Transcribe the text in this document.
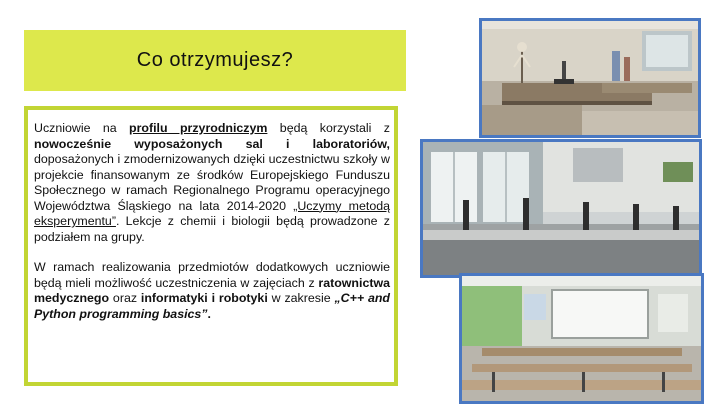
Co otrzymujesz?

Uczniowie na profilu przyrodniczym będą korzystali z nowocześnie wyposażonych sal i laboratoriów, doposażonych i zmodernizowanych dzięki uczestnictwu szkoły w projekcie finansowanym ze środków Europejskiego Funduszu Społecznego w ramach Regionalnego Programu operacyjnego Województwa Śląskiego na lata 2014-2020 „Uczymy metodą eksperymentu”. Lekcje z chemii i biologii będą prowadzone z podziałem na grupy.

W ramach realizowania przedmiotów dodatkowych uczniowie będą mieli możliwość uczestniczenia w zajęciach z ratownictwa medycznego oraz informatyki i robotyki w zakresie „C++ and Python programming basics”.
